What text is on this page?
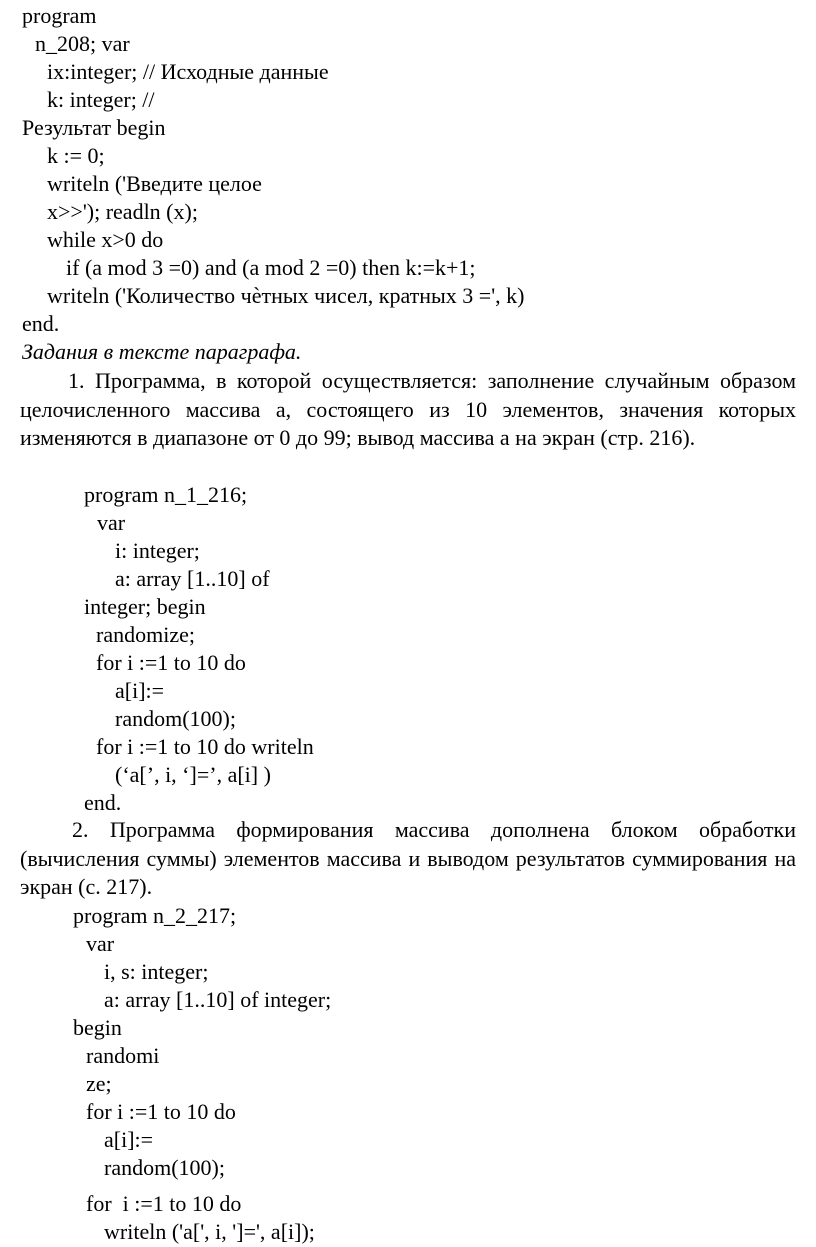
program
n_208; var
ix:integer; // Исходные данные
k: integer; //
Результат begin
k := 0;
writeln ('Введите целое
x>>'); readln (x);
while x>0 do
if (a mod 3 =0) and (a mod 2 =0) then k:=k+1;
writeln ('Количество чѐтных чисел, кратных 3 =', k)
end.
Задания в тексте параграфа.
1. Программа, в которой осуществляется: заполнение случайным образом целочисленного массива а, состоящего из 10 элементов, значения которых изменяются в диапазоне от 0 до 99; вывод массива а на экран (стр. 216).
program n_1_216;
var
i: integer;
a: array [1..10] of
integer; begin
randomize;
for i :=1 to 10 do
a[i]:=
random(100);
for i :=1 to 10 do writeln
(‘a[’, i, ‘]=’, a[i] )
end.
2. Программа формирования массива дополнена блоком обработки (вычисления суммы) элементов массива и выводом результатов суммирования на экран (с. 217).
program n_2_217;
var
i, s: integer;
a: array [1..10] of integer;
begin
randomi
ze;
for i :=1 to 10 do
a[i]:=
random(100);
for  i :=1 to 10 do
writeln ('a[', i, ']=', a[i]);
